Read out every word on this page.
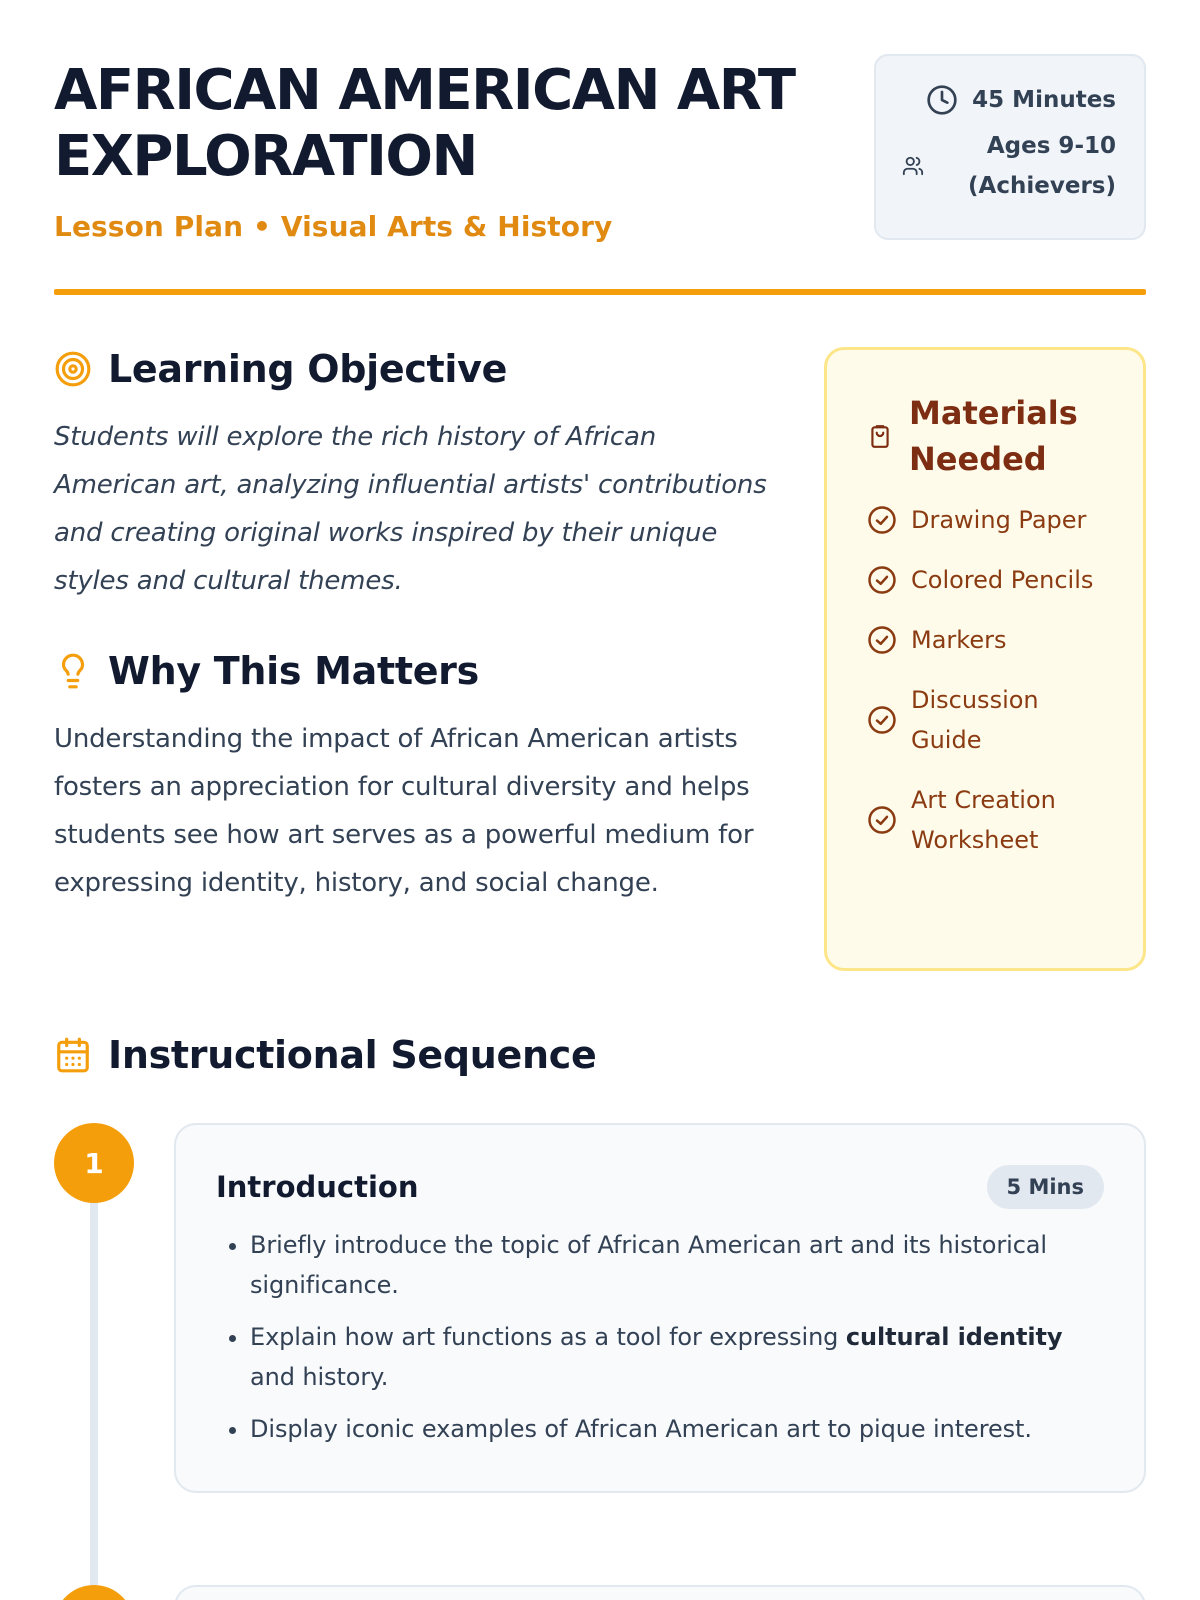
AFRICAN AMERICAN ART EXPLORATION
Lesson Plan • Visual Arts & History
45 Minutes
Ages 9-10 (Achievers)
Learning Objective

Students will explore the rich history of African American art, analyzing influential artists' contributions and creating original works inspired by their unique styles and cultural themes.

Why This Matters

Understanding the impact of African American artists fosters an appreciation for cultural diversity and helps students see how art serves as a powerful medium for expressing identity, history, and social change.

Materials Needed
Drawing Paper
Colored Pencils
Markers
Discussion Guide
Art Creation Worksheet
Instructional Sequence
1
Introduction	5 Mins
• Briefly introduce the topic of African American art and its historical significance.
• Explain how art functions as a tool for expressing cultural identity and history.
• Display iconic examples of African American art to pique interest.
